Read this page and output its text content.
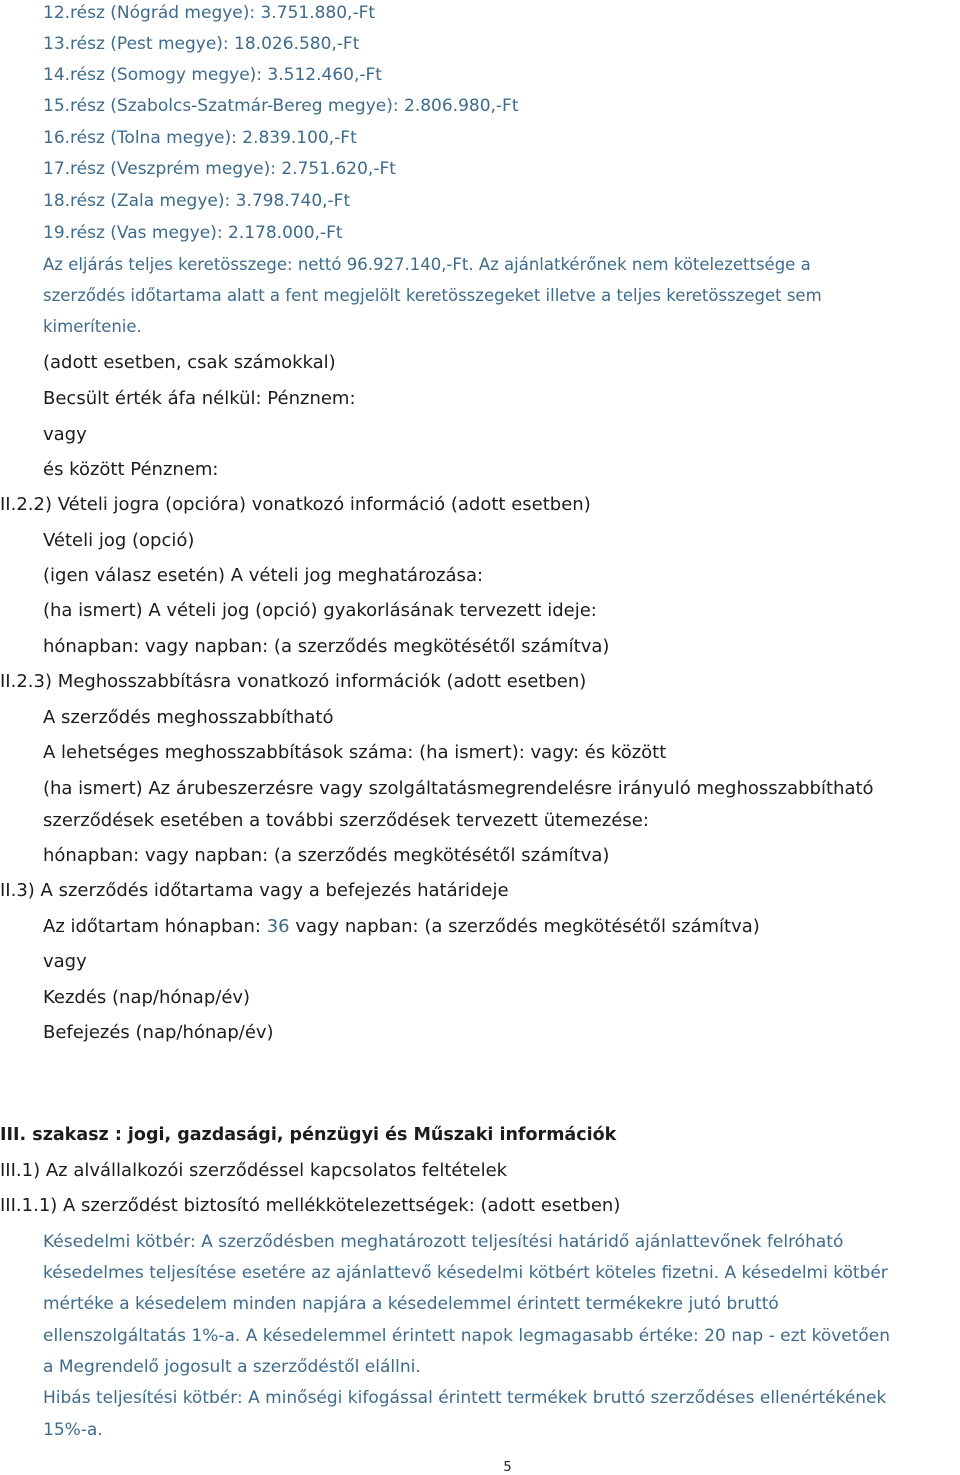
12.rész (Nógrád megye): 3.751.880,-Ft
13.rész (Pest megye): 18.026.580,-Ft
14.rész (Somogy megye): 3.512.460,-Ft
15.rész (Szabolcs-Szatmár-Bereg megye): 2.806.980,-Ft
16.rész (Tolna megye): 2.839.100,-Ft
17.rész (Veszprém megye): 2.751.620,-Ft
18.rész (Zala megye): 3.798.740,-Ft
19.rész (Vas megye): 2.178.000,-Ft
Az eljárás teljes keretösszege: nettó 96.927.140,-Ft. Az ajánlatkérőnek nem kötelezettsége a
szerződés időtartama alatt a fent megjelölt keretösszegeket illetve a teljes keretösszeget sem
kimerítenie.
(adott esetben, csak számokkal)
Becsült érték áfa nélkül: Pénznem:
vagy
és között Pénznem:
II.2.2) Vételi jogra (opcióra) vonatkozó információ (adott esetben)
Vételi jog (opció)
(igen válasz esetén) A vételi jog meghatározása:
(ha ismert) A vételi jog (opció) gyakorlásának tervezett ideje:
hónapban: vagy napban: (a szerződés megkötésétől számítva)
II.2.3) Meghosszabbításra vonatkozó információk (adott esetben)
A szerződés meghosszabbítható
A lehetséges meghosszabbítások száma: (ha ismert): vagy: és között
(ha ismert) Az árubeszerzésre vagy szolgáltatásmegrendelésre irányuló meghosszabbítható
szerződések esetében a további szerződések tervezett ütemezése:
hónapban: vagy napban: (a szerződés megkötésétől számítva)
II.3) A szerződés időtartama vagy a befejezés határideje
Az időtartam hónapban: 36 vagy napban: (a szerződés megkötésétől számítva)
vagy
Kezdés (nap/hónap/év)
Befejezés (nap/hónap/év)
III. szakasz : jogi, gazdasági, pénzügyi és Műszaki információk
III.1) Az alvállalkozói szerződéssel kapcsolatos feltételek
III.1.1) A szerződést biztosító mellékkötelezettségek: (adott esetben)
Késedelmi kötbér: A szerződésben meghatározott teljesítési határidő ajánlattevőnek felróható
késedelmes teljesítése esetére az ajánlattevő késedelmi kötbért köteles fizetni. A késedelmi kötbér
mértéke a késedelem minden napjára a késedelemmel érintett termékekre jutó bruttó
ellenszolgáltatás 1%-a. A késedelemmel érintett napok legmagasabb értéke: 20 nap - ezt követően
a Megrendelő jogosult a szerződéstől elállni.
Hibás teljesítési kötbér: A minőségi kifogással érintett termékek bruttó szerződéses ellenértékének
15%-a.
5
